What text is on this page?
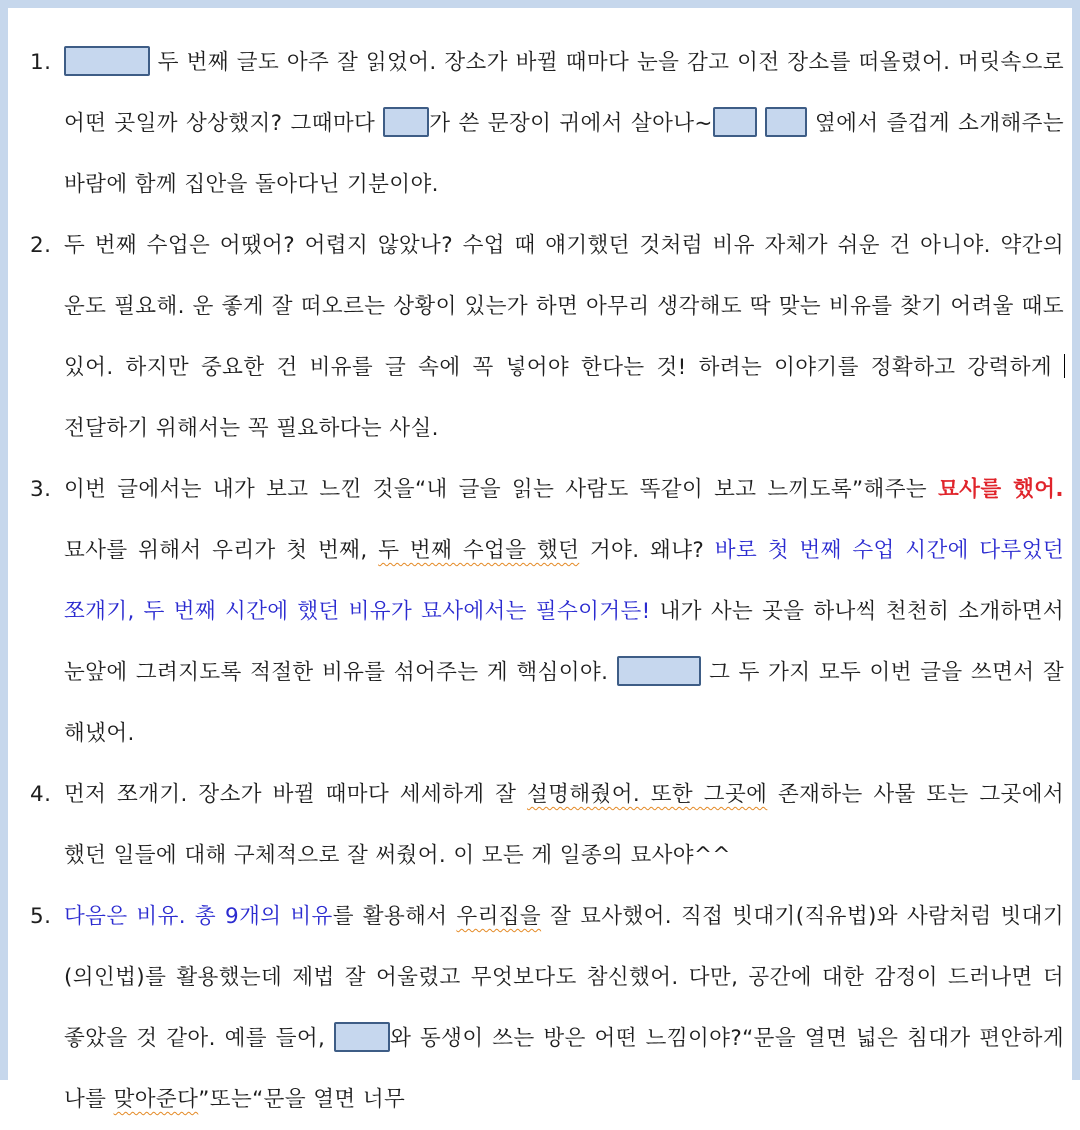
1.	두 번째 글도 아주 잘 읽었어. 장소가 바뀔 때마다 눈을 감고 이전 장소를 떠올렸어. 머릿속으로 어떤 곳일까 상상했지? 그때마다	가 쓴 문장이 귀에서 살아나~	옆에서 즐겁게 소개해주는 바람에 함께 집안을 돌아다닌 기분이야.
2. 두 번째 수업은 어땠어? 어렵지 않았나? 수업 때 얘기했던 것처럼 비유 자체가 쉬운 건 아니야. 약간의 운도 필요해. 운 좋게 잘 떠오르는 상황이 있는가 하면 아무리 생각해도 딱 맞는 비유를 찾기 어려울 때도 있어. 하지만 중요한 건 비유를 글 속에 꼭 넣어야 한다는 것! 하려는 이야기를 정확하고 강력하게 전달하기 위해서는 꼭 필요하다는 사실.
3. 이번 글에서는 내가 보고 느낀 것을“내 글을 읽는 사람도 똑같이 보고 느끼도록”해주는 묘사를 했어. 묘사를 위해서 우리가 첫 번째, 두 번째 수업을 했던 거야. 왜냐? 바로 첫 번째 수업 시간에 다루었던 쪼개기, 두 번째 시간에 했던 비유가 묘사에서는 필수이거든! 내가 사는 곳을 하나씩 천천히 소개하면서 눈앞에 그려지도록 적절한 비유를 섞어주는 게 핵심이야.	그 두 가지 모두 이번 글을 쓰면서 잘 해냈어.
4. 먼저 쪼개기. 장소가 바뀔 때마다 세세하게 잘 설명해줬어. 또한 그곳에 존재하는 사물 또는 그곳에서 했던 일들에 대해 구체적으로 잘 써줬어. 이 모든 게 일종의 묘사야^^
5. 다음은 비유. 총 9개의 비유를 활용해서 우리집을 잘 묘사했어. 직접 빗대기(직유법)와 사람처럼 빗대기(의인법)를 활용했는데 제법 잘 어울렸고 무엇보다도 참신했어. 다만, 공간에 대한 감정이 드러나면 더 좋았을 것 같아. 예를 들어,	와 동생이 쓰는 방은 어떤 느낌이야?“문을 열면 넓은 침대가 편안하게 나를 맞아준다”또는“문을 열면 너무
